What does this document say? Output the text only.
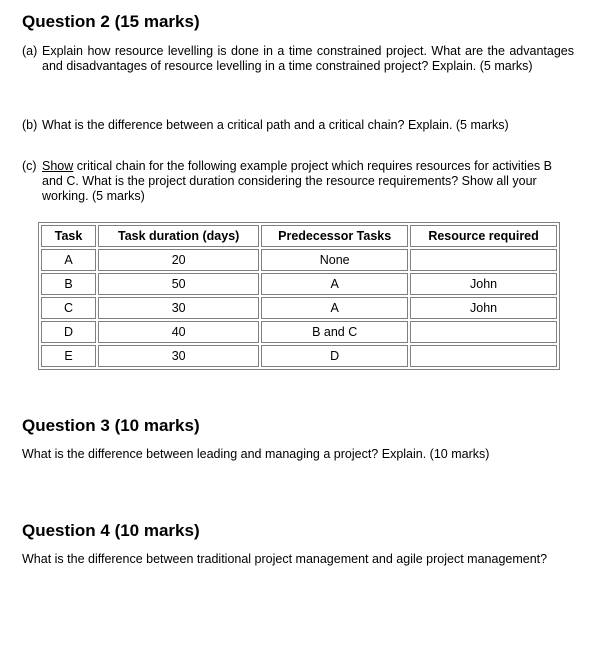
Question 2 (15 marks)
(a) Explain how resource levelling is done in a time constrained project. What are the advantages and disadvantages of resource levelling in a time constrained project? Explain. (5 marks)
(b) What is the difference between a critical path and a critical chain? Explain. (5 marks)
(c) Show critical chain for the following example project which requires resources for activities B and C. What is the project duration considering the resource requirements? Show all your working. (5 marks)
Task	Task duration (days)	Predecessor Tasks	Resource required
A	20	None	
B	50	A	John
C	30	A	John
D	40	B and C	
E	30	D	
Question 3 (10 marks)
What is the difference between leading and managing a project? Explain. (10 marks)
Question 4 (10 marks)
What is the difference between traditional project management and agile project management?
